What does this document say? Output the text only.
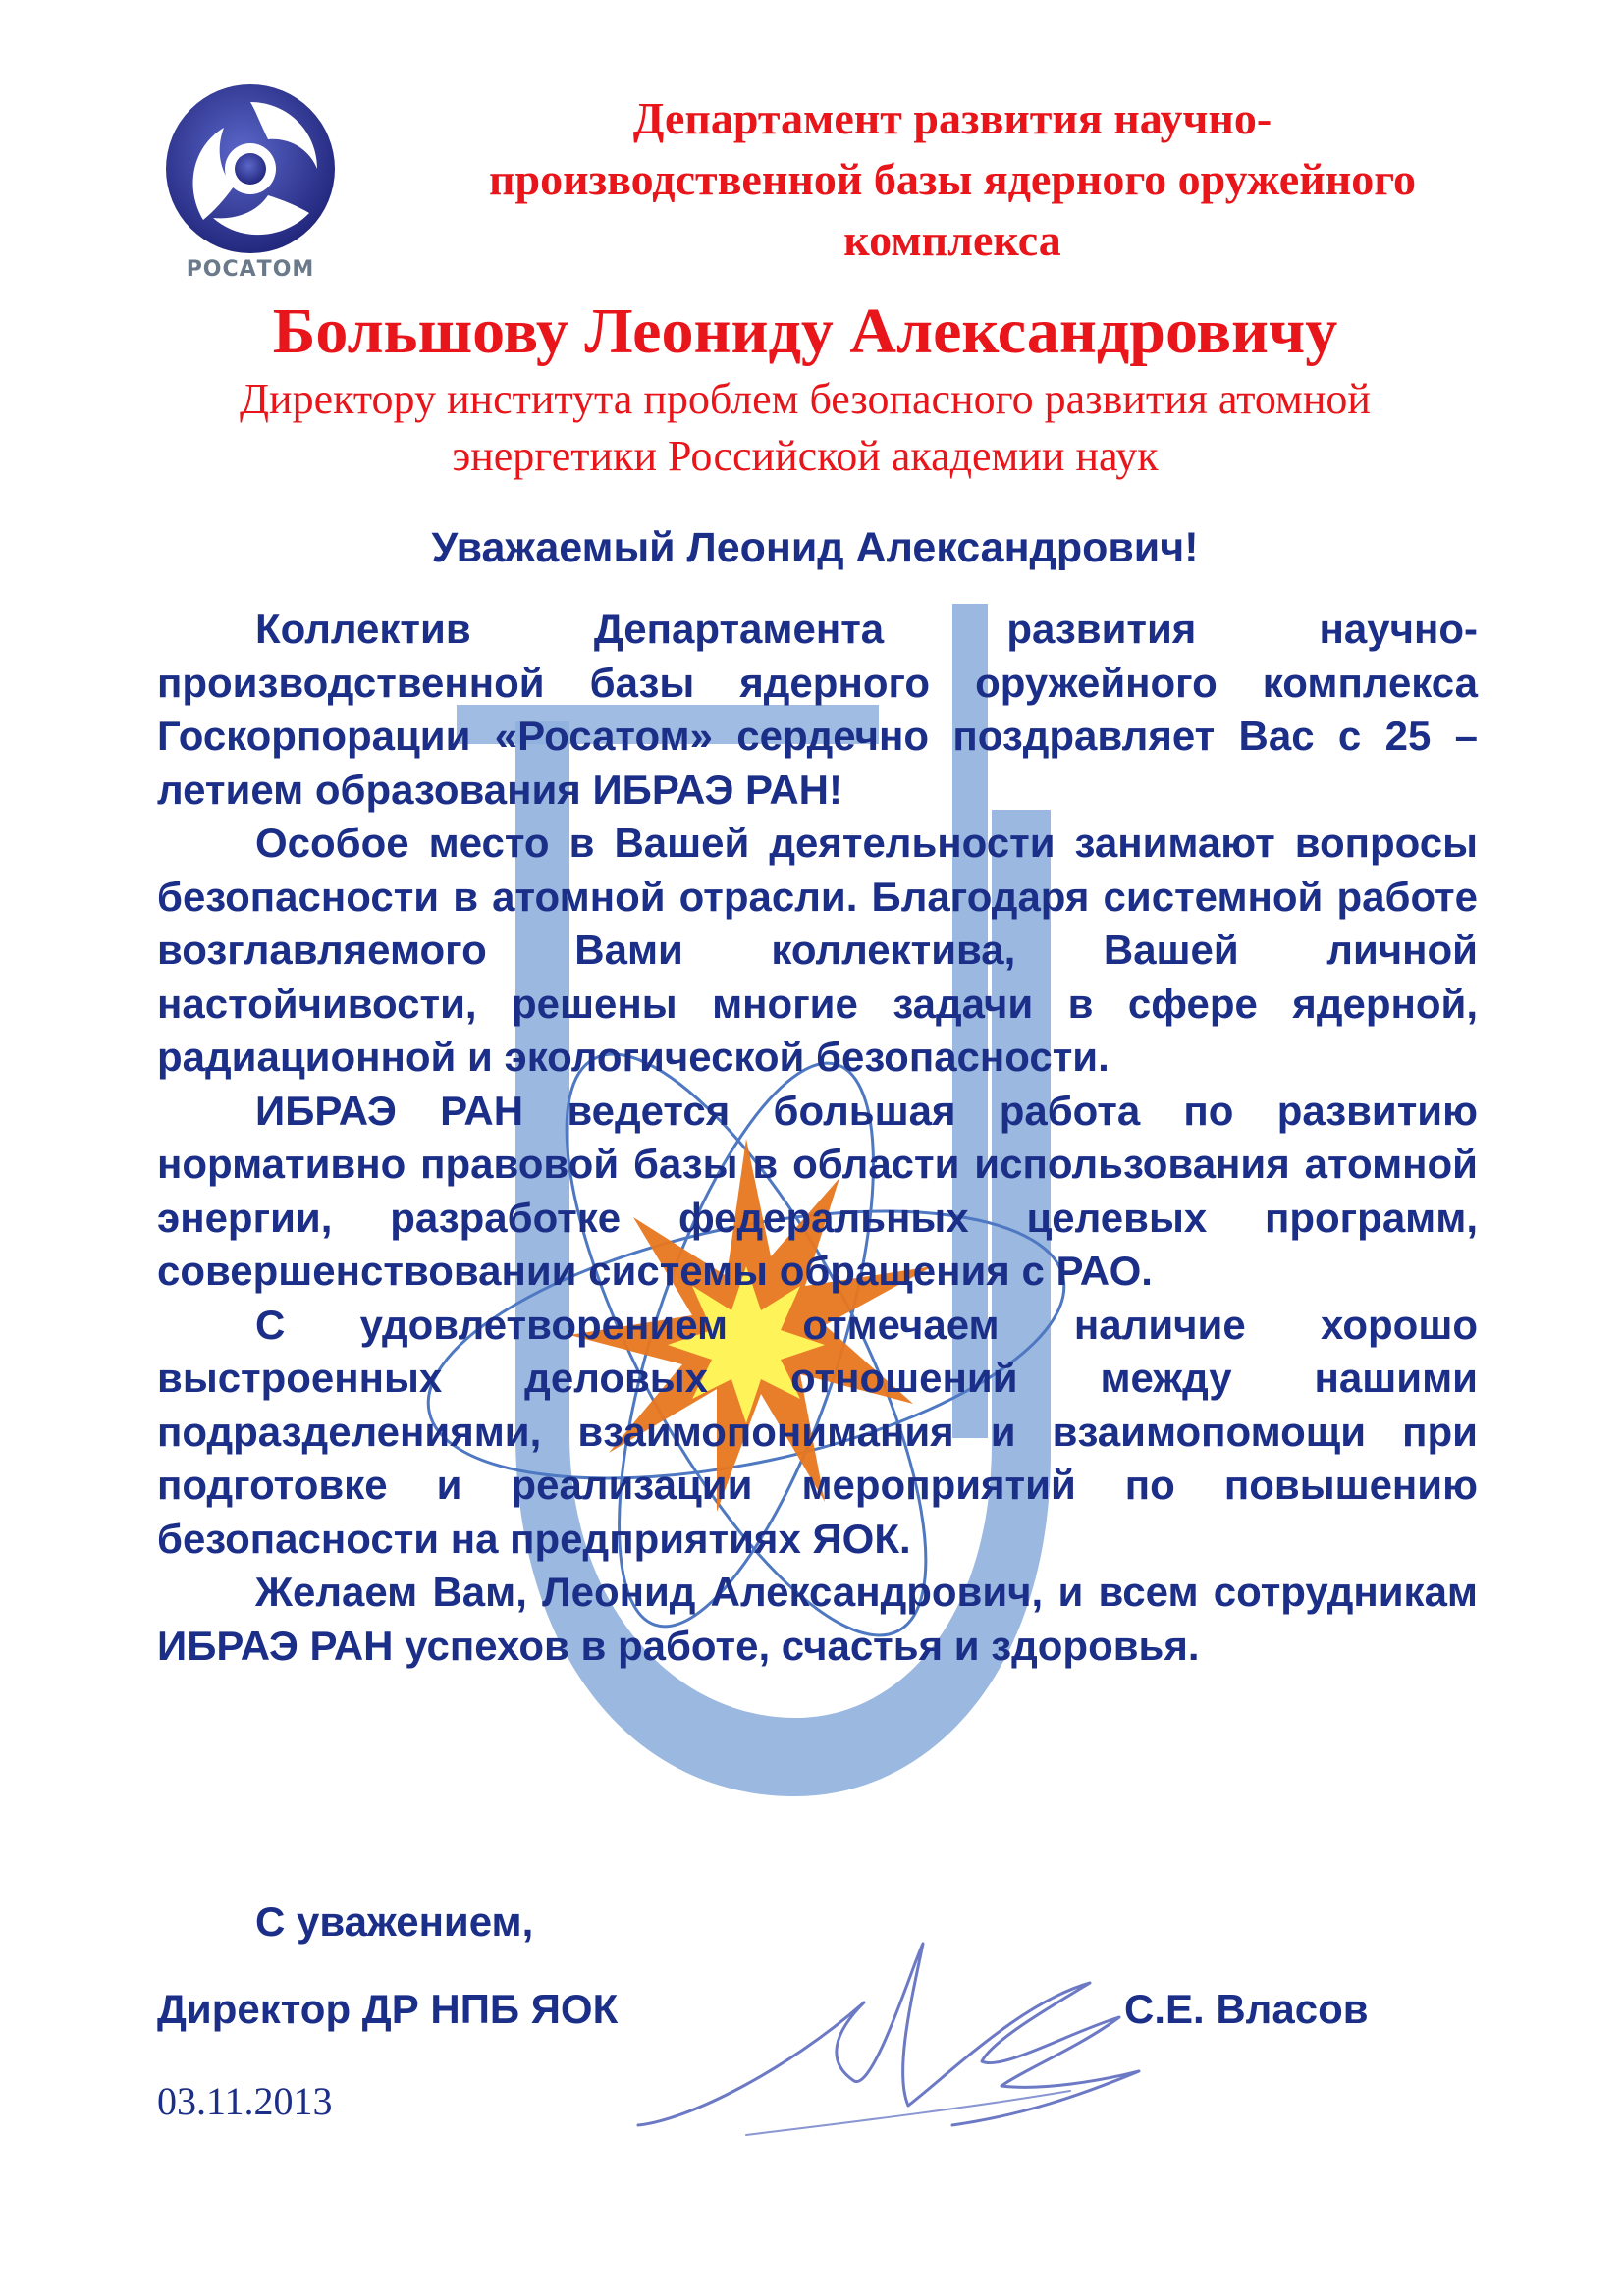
РОСАТОМ
Департамент развития научно-производственной базы ядерного оружейного комплекса
Большову Леониду Александровичу
Директору института проблем безопасного развития атомной энергетики Российской академии наук
Уважаемый Леонид Александрович!

Коллектив Департамента развития научно-производственной базы ядерного оружейного комплекса Госкорпорации «Росатом» сердечно поздравляет Вас с 25 – летием образования ИБРАЭ РАН!

Особое место в Вашей деятельности занимают вопросы безопасности в атомной отрасли. Благодаря системной работе возглавляемого Вами коллектива, Вашей личной настойчивости, решены многие задачи в сфере ядерной, радиационной и экологической безопасности.

ИБРАЭ РАН ведется большая работа по развитию нормативно правовой базы в области использования атомной энергии, разработке федеральных целевых программ, совершенствовании системы обращения с РАО.

С удовлетворением отмечаем наличие хорошо выстроенных деловых отношений между нашими подразделениями, взаимопонимания и взаимопомощи при подготовке и реализации мероприятий по повышению безопасности на предприятиях ЯОК.

Желаем Вам, Леонид Александрович, и всем сотрудникам ИБРАЭ РАН успехов в работе, счастья и здоровья.

С уважением,
Директор ДР НПБ ЯОК	С.Е. Власов
03.11.2013
